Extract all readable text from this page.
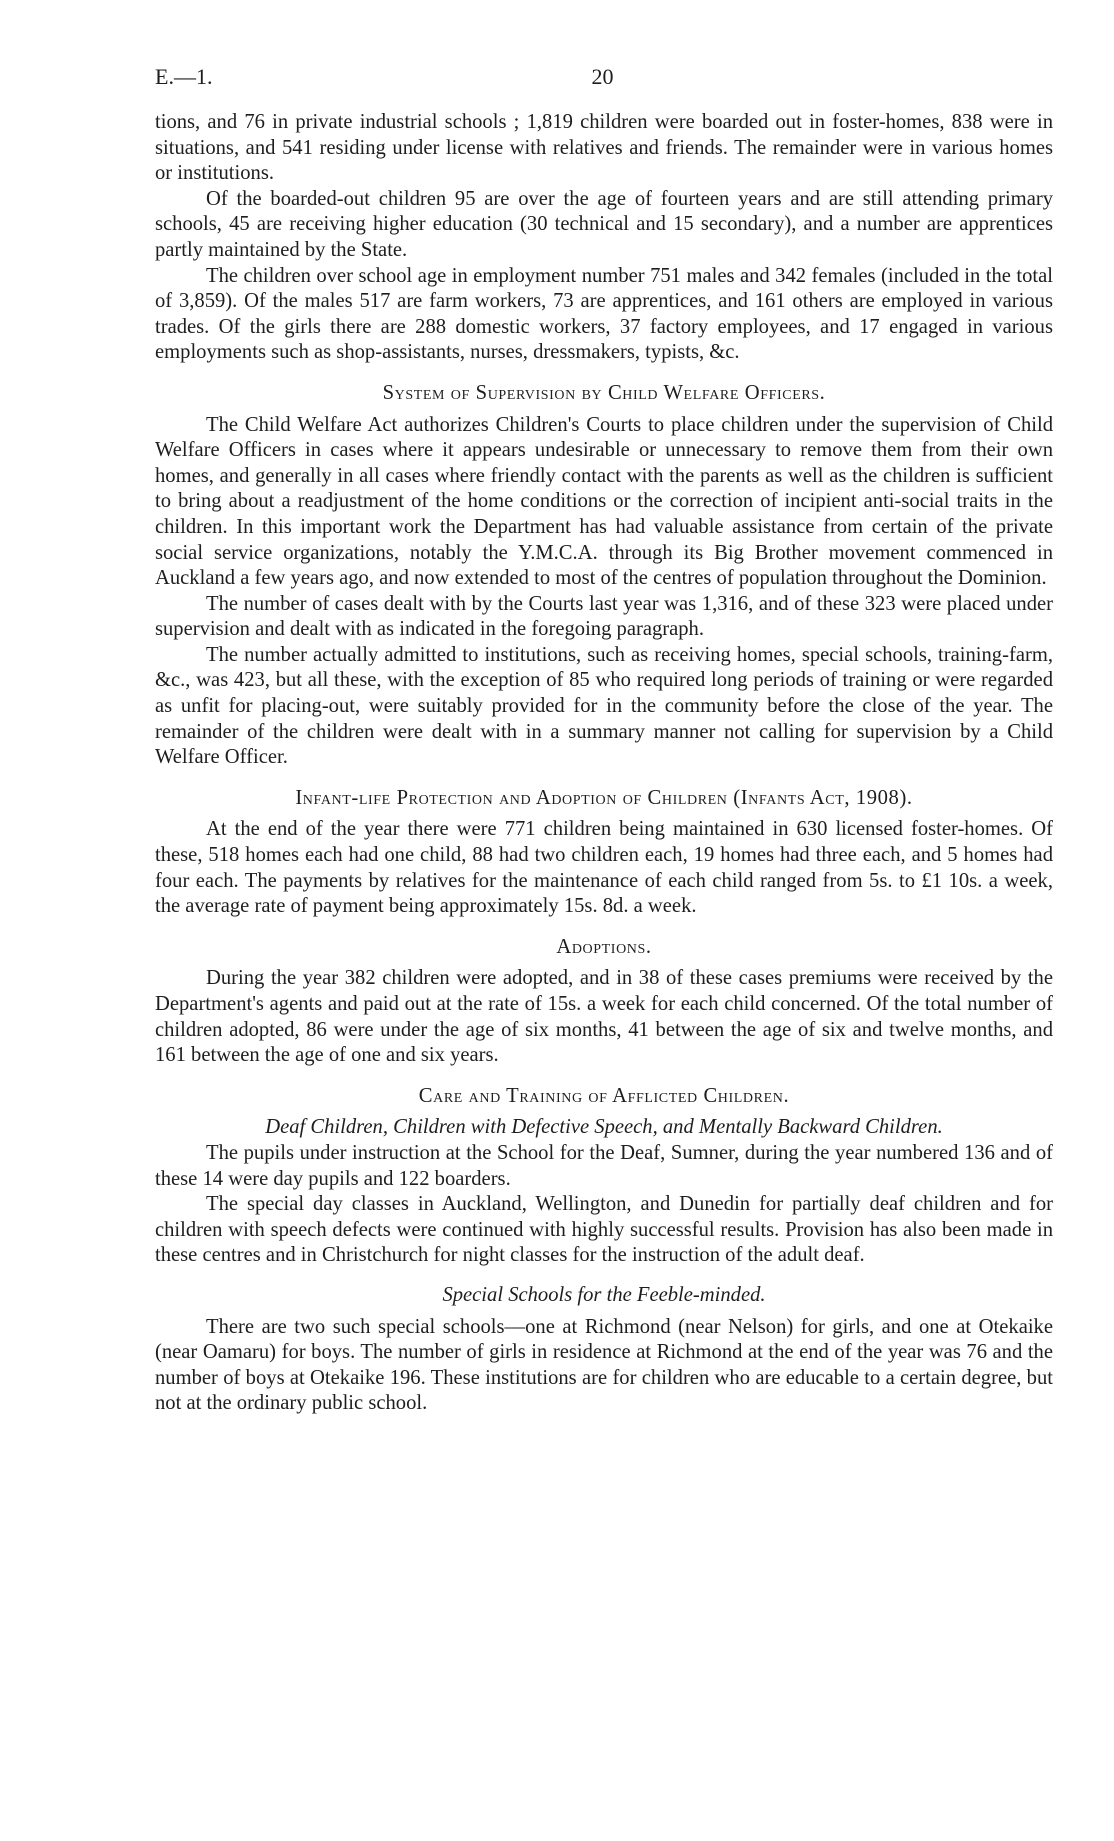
E.—1.	20

tions, and 76 in private industrial schools ; 1,819 children were boarded out in foster-homes, 838 were in situations, and 541 residing under license with relatives and friends. The remainder were in various homes or institutions.

Of the boarded-out children 95 are over the age of fourteen years and are still attending primary schools, 45 are receiving higher education (30 technical and 15 secondary), and a number are apprentices partly maintained by the State.

The children over school age in employment number 751 males and 342 females (included in the total of 3,859). Of the males 517 are farm workers, 73 are apprentices, and 161 others are employed in various trades. Of the girls there are 288 domestic workers, 37 factory employees, and 17 engaged in various employments such as shop-assistants, nurses, dressmakers, typists, &c.

System of Supervision by Child Welfare Officers.

The Child Welfare Act authorizes Children's Courts to place children under the supervision of Child Welfare Officers in cases where it appears undesirable or unnecessary to remove them from their own homes, and generally in all cases where friendly contact with the parents as well as the children is sufficient to bring about a readjustment of the home conditions or the correction of incipient anti-social traits in the children. In this important work the Department has had valuable assistance from certain of the private social service organizations, notably the Y.M.C.A. through its Big Brother movement commenced in Auckland a few years ago, and now extended to most of the centres of population throughout the Dominion.

The number of cases dealt with by the Courts last year was 1,316, and of these 323 were placed under supervision and dealt with as indicated in the foregoing paragraph.

The number actually admitted to institutions, such as receiving homes, special schools, training-farm, &c., was 423, but all these, with the exception of 85 who required long periods of training or were regarded as unfit for placing-out, were suitably provided for in the community before the close of the year. The remainder of the children were dealt with in a summary manner not calling for supervision by a Child Welfare Officer.

Infant-life Protection and Adoption of Children (Infants Act, 1908).

At the end of the year there were 771 children being maintained in 630 licensed foster-homes. Of these, 518 homes each had one child, 88 had two children each, 19 homes had three each, and 5 homes had four each. The payments by relatives for the maintenance of each child ranged from 5s. to £1 10s. a week, the average rate of payment being approximately 15s. 8d. a week.

Adoptions.

During the year 382 children were adopted, and in 38 of these cases premiums were received by the Department's agents and paid out at the rate of 15s. a week for each child concerned. Of the total number of children adopted, 86 were under the age of six months, 41 between the age of six and twelve months, and 161 between the age of one and six years.

Care and Training of Afflicted Children.
Deaf Children, Children with Defective Speech, and Mentally Backward Children.

The pupils under instruction at the School for the Deaf, Sumner, during the year numbered 136 and of these 14 were day pupils and 122 boarders.

The special day classes in Auckland, Wellington, and Dunedin for partially deaf children and for children with speech defects were continued with highly successful results. Provision has also been made in these centres and in Christchurch for night classes for the instruction of the adult deaf.

Special Schools for the Feeble-minded.

There are two such special schools—one at Richmond (near Nelson) for girls, and one at Otekaike (near Oamaru) for boys. The number of girls in residence at Richmond at the end of the year was 76 and the number of boys at Otekaike 196. These institutions are for children who are educable to a certain degree, but not at the ordinary public school.
